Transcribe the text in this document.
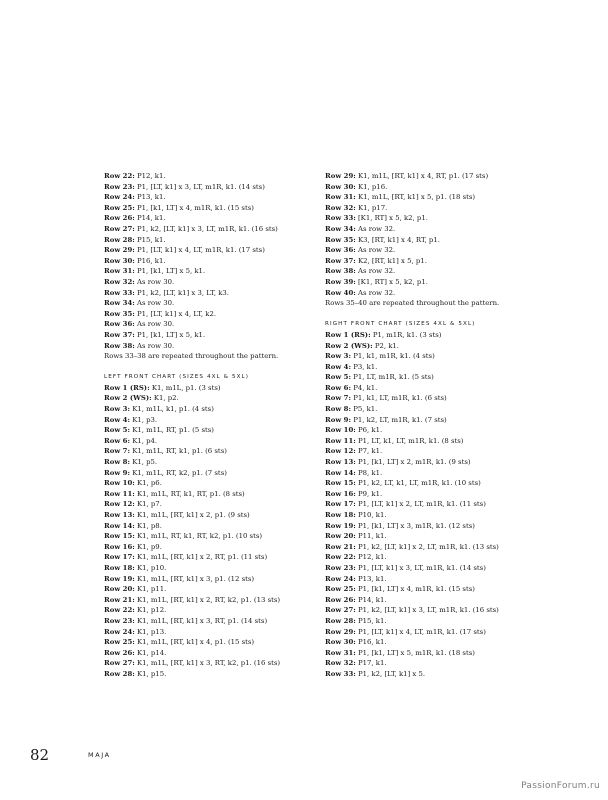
Row 22: P12, k1.
Row 23: P1, [LT, k1] x 3, LT, m1R, k1. (14 sts)
Row 24: P13, k1.
Row 25: P1, [k1, LT] x 4, m1R, k1. (15 sts)
Row 26: P14, k1.
Row 27: P1, k2, [LT, k1] x 3, LT, m1R, k1. (16 sts)
Row 28: P15, k1.
Row 29: P1, [LT, k1] x 4, LT, m1R, k1. (17 sts)
Row 30: P16, k1.
Row 31: P1, [k1, LT] x 5, k1.
Row 32: As row 30.
Row 33: P1, k2, [LT, k1] x 3, LT, k3.
Row 34: As row 30.
Row 35: P1, [LT, k1] x 4, LT, k2.
Row 36: As row 30.
Row 37: P1, [k1, LT] x 5, k1.
Row 38: As row 30.
Rows 33–38 are repeated throughout the pattern.
LEFT FRONT CHART (SIZES 4XL & 5XL)
Row 1 (RS): K1, m1L, p1. (3 sts)
Row 2 (WS): K1, p2.
Row 3: K1, m1L, k1, p1. (4 sts)
Row 4: K1, p3.
Row 5: K1, m1L, RT, p1. (5 sts)
Row 6: K1, p4.
Row 7: K1, m1L, RT, k1, p1. (6 sts)
Row 8: K1, p5.
Row 9: K1, m1L, RT, k2, p1. (7 sts)
Row 10: K1, p6.
Row 11: K1, m1L, RT, k1, RT, p1. (8 sts)
Row 12: K1, p7.
Row 13: K1, m1L, [RT, k1] x 2, p1. (9 sts)
Row 14: K1, p8.
Row 15: K1, m1L, RT, k1, RT, k2, p1. (10 sts)
Row 16: K1, p9.
Row 17: K1, m1L, [RT, k1] x 2, RT, p1. (11 sts)
Row 18: K1, p10.
Row 19: K1, m1L, [RT, k1] x 3, p1. (12 sts)
Row 20: K1, p11.
Row 21: K1, m1L, [RT, k1] x 2, RT, k2, p1. (13 sts)
Row 22: K1, p12.
Row 23: K1, m1L, [RT, k1] x 3, RT, p1. (14 sts)
Row 24: K1, p13.
Row 25: K1, m1L, [RT, k1] x 4, p1. (15 sts)
Row 26: K1, p14.
Row 27: K1, m1L, [RT, k1] x 3, RT, k2, p1. (16 sts)
Row 28: K1, p15.
Row 29: K1, m1L, [RT, k1] x 4, RT, p1. (17 sts)
Row 30: K1, p16.
Row 31: K1, m1L, [RT, k1] x 5, p1. (18 sts)
Row 32: K1, p17.
Row 33: [K1, RT] x 5, k2, p1.
Row 34: As row 32.
Row 35: K3, [RT, k1] x 4, RT, p1.
Row 36: As row 32.
Row 37: K2, [RT, k1] x 5, p1.
Row 38: As row 32.
Row 39: [K1, RT] x 5, k2, p1.
Row 40: As row 32.
Rows 35–40 are repeated throughout the pattern.
RIGHT FRONT CHART (SIZES 4XL & 5XL)
Row 1 (RS): P1, m1R, k1. (3 sts)
Row 2 (WS): P2, k1.
Row 3: P1, k1, m1R, k1. (4 sts)
Row 4: P3, k1.
Row 5: P1, LT, m1R, k1. (5 sts)
Row 6: P4, k1.
Row 7: P1, k1, LT, m1R, k1. (6 sts)
Row 8: P5, k1.
Row 9: P1, k2, LT, m1R, k1. (7 sts)
Row 10: P6, k1.
Row 11: P1, LT, k1, LT, m1R, k1. (8 sts)
Row 12: P7, k1.
Row 13: P1, [k1, LT] x 2, m1R, k1. (9 sts)
Row 14: P8, k1.
Row 15: P1, k2, LT, k1, LT, m1R, k1. (10 sts)
Row 16: P9, k1.
Row 17: P1, [LT, k1] x 2, LT, m1R, k1. (11 sts)
Row 18: P10, k1.
Row 19: P1, [k1, LT] x 3, m1R, k1. (12 sts)
Row 20: P11, k1.
Row 21: P1, k2, [LT, k1] x 2, LT, m1R, k1. (13 sts)
Row 22: P12, k1.
Row 23: P1, [LT, k1] x 3, LT, m1R, k1. (14 sts)
Row 24: P13, k1.
Row 25: P1, [k1, LT] x 4, m1R, k1. (15 sts)
Row 26: P14, k1.
Row 27: P1, k2, [LT, k1] x 3, LT, m1R, k1. (16 sts)
Row 28: P15, k1.
Row 29: P1, [LT, k1] x 4, LT, m1R, k1. (17 sts)
Row 30: P16, k1.
Row 31: P1, [k1, LT] x 5, m1R, k1. (18 sts)
Row 32: P17, k1.
Row 33: P1, k2, [LT, k1] x 5.
82	MAJA
PassionForum.ru
